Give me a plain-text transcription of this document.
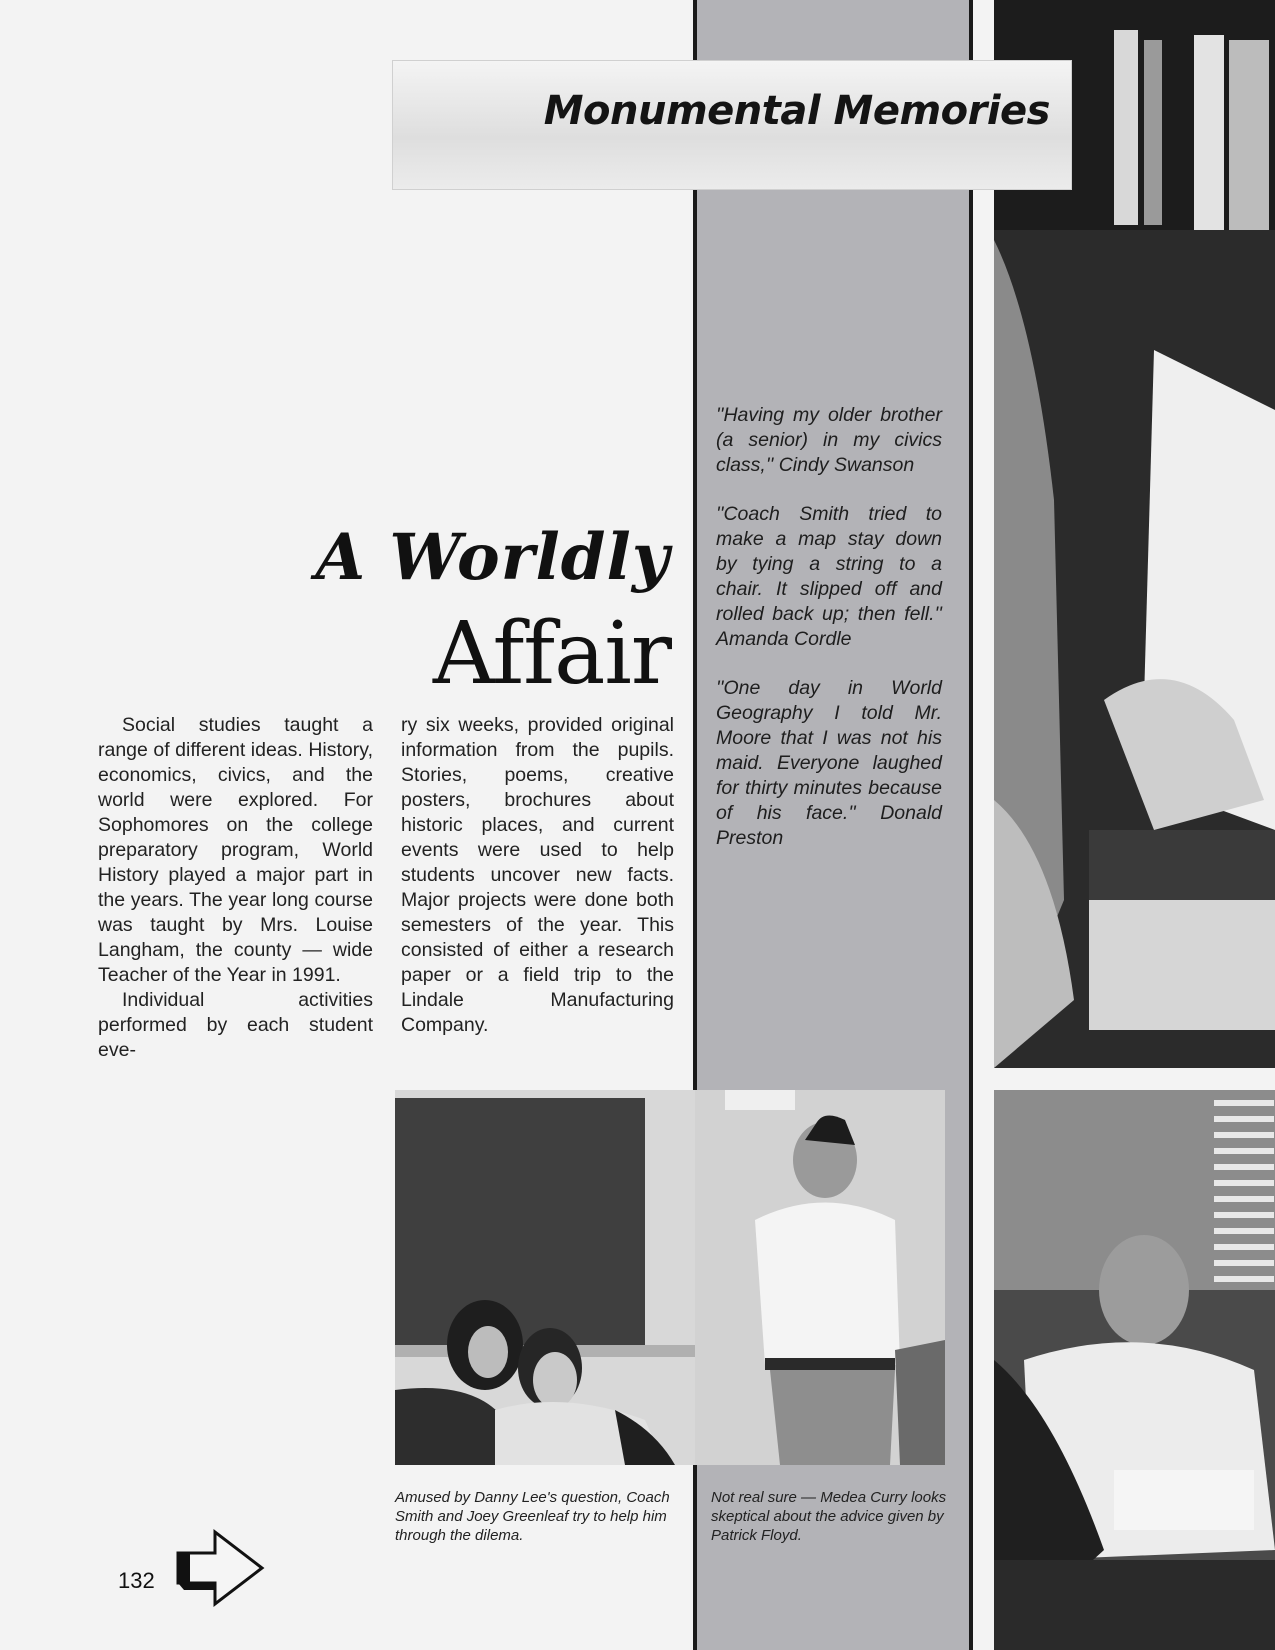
Monumental Memories
A Worldly
Affair

Social studies taught a range of different ideas. History, economics, civics, and the world were explored. For Sophomores on the college preparatory program, World History played a major part in the years. The year long course was taught by Mrs. Louise Langham, the county — wide Teacher of the Year in 1991.

Individual activities performed by each student eve-

ry six weeks, provided original information from the pupils. Stories, poems, creative posters, brochures about historic places, and current events were used to help students uncover new facts. Major projects were done both semesters of the year. This consisted of either a research paper or a field trip to the Lindale Manufacturing Company.

''Having my older brother (a senior) in my civics class,'' Cindy Swanson

''Coach Smith tried to make a map stay down by tying a string to a chair. It slipped off and rolled back up; then fell.'' Amanda Cordle

''One day in World Geography I told Mr. Moore that I was not his maid. Everyone laughed for thirty minutes because of his face.'' Donald Preston

Amused by Danny Lee's question, Coach Smith and Joey Greenleaf try to help him through the dilema.
Not real sure — Medea Curry looks skeptical about the advice given by Patrick Floyd.
132
